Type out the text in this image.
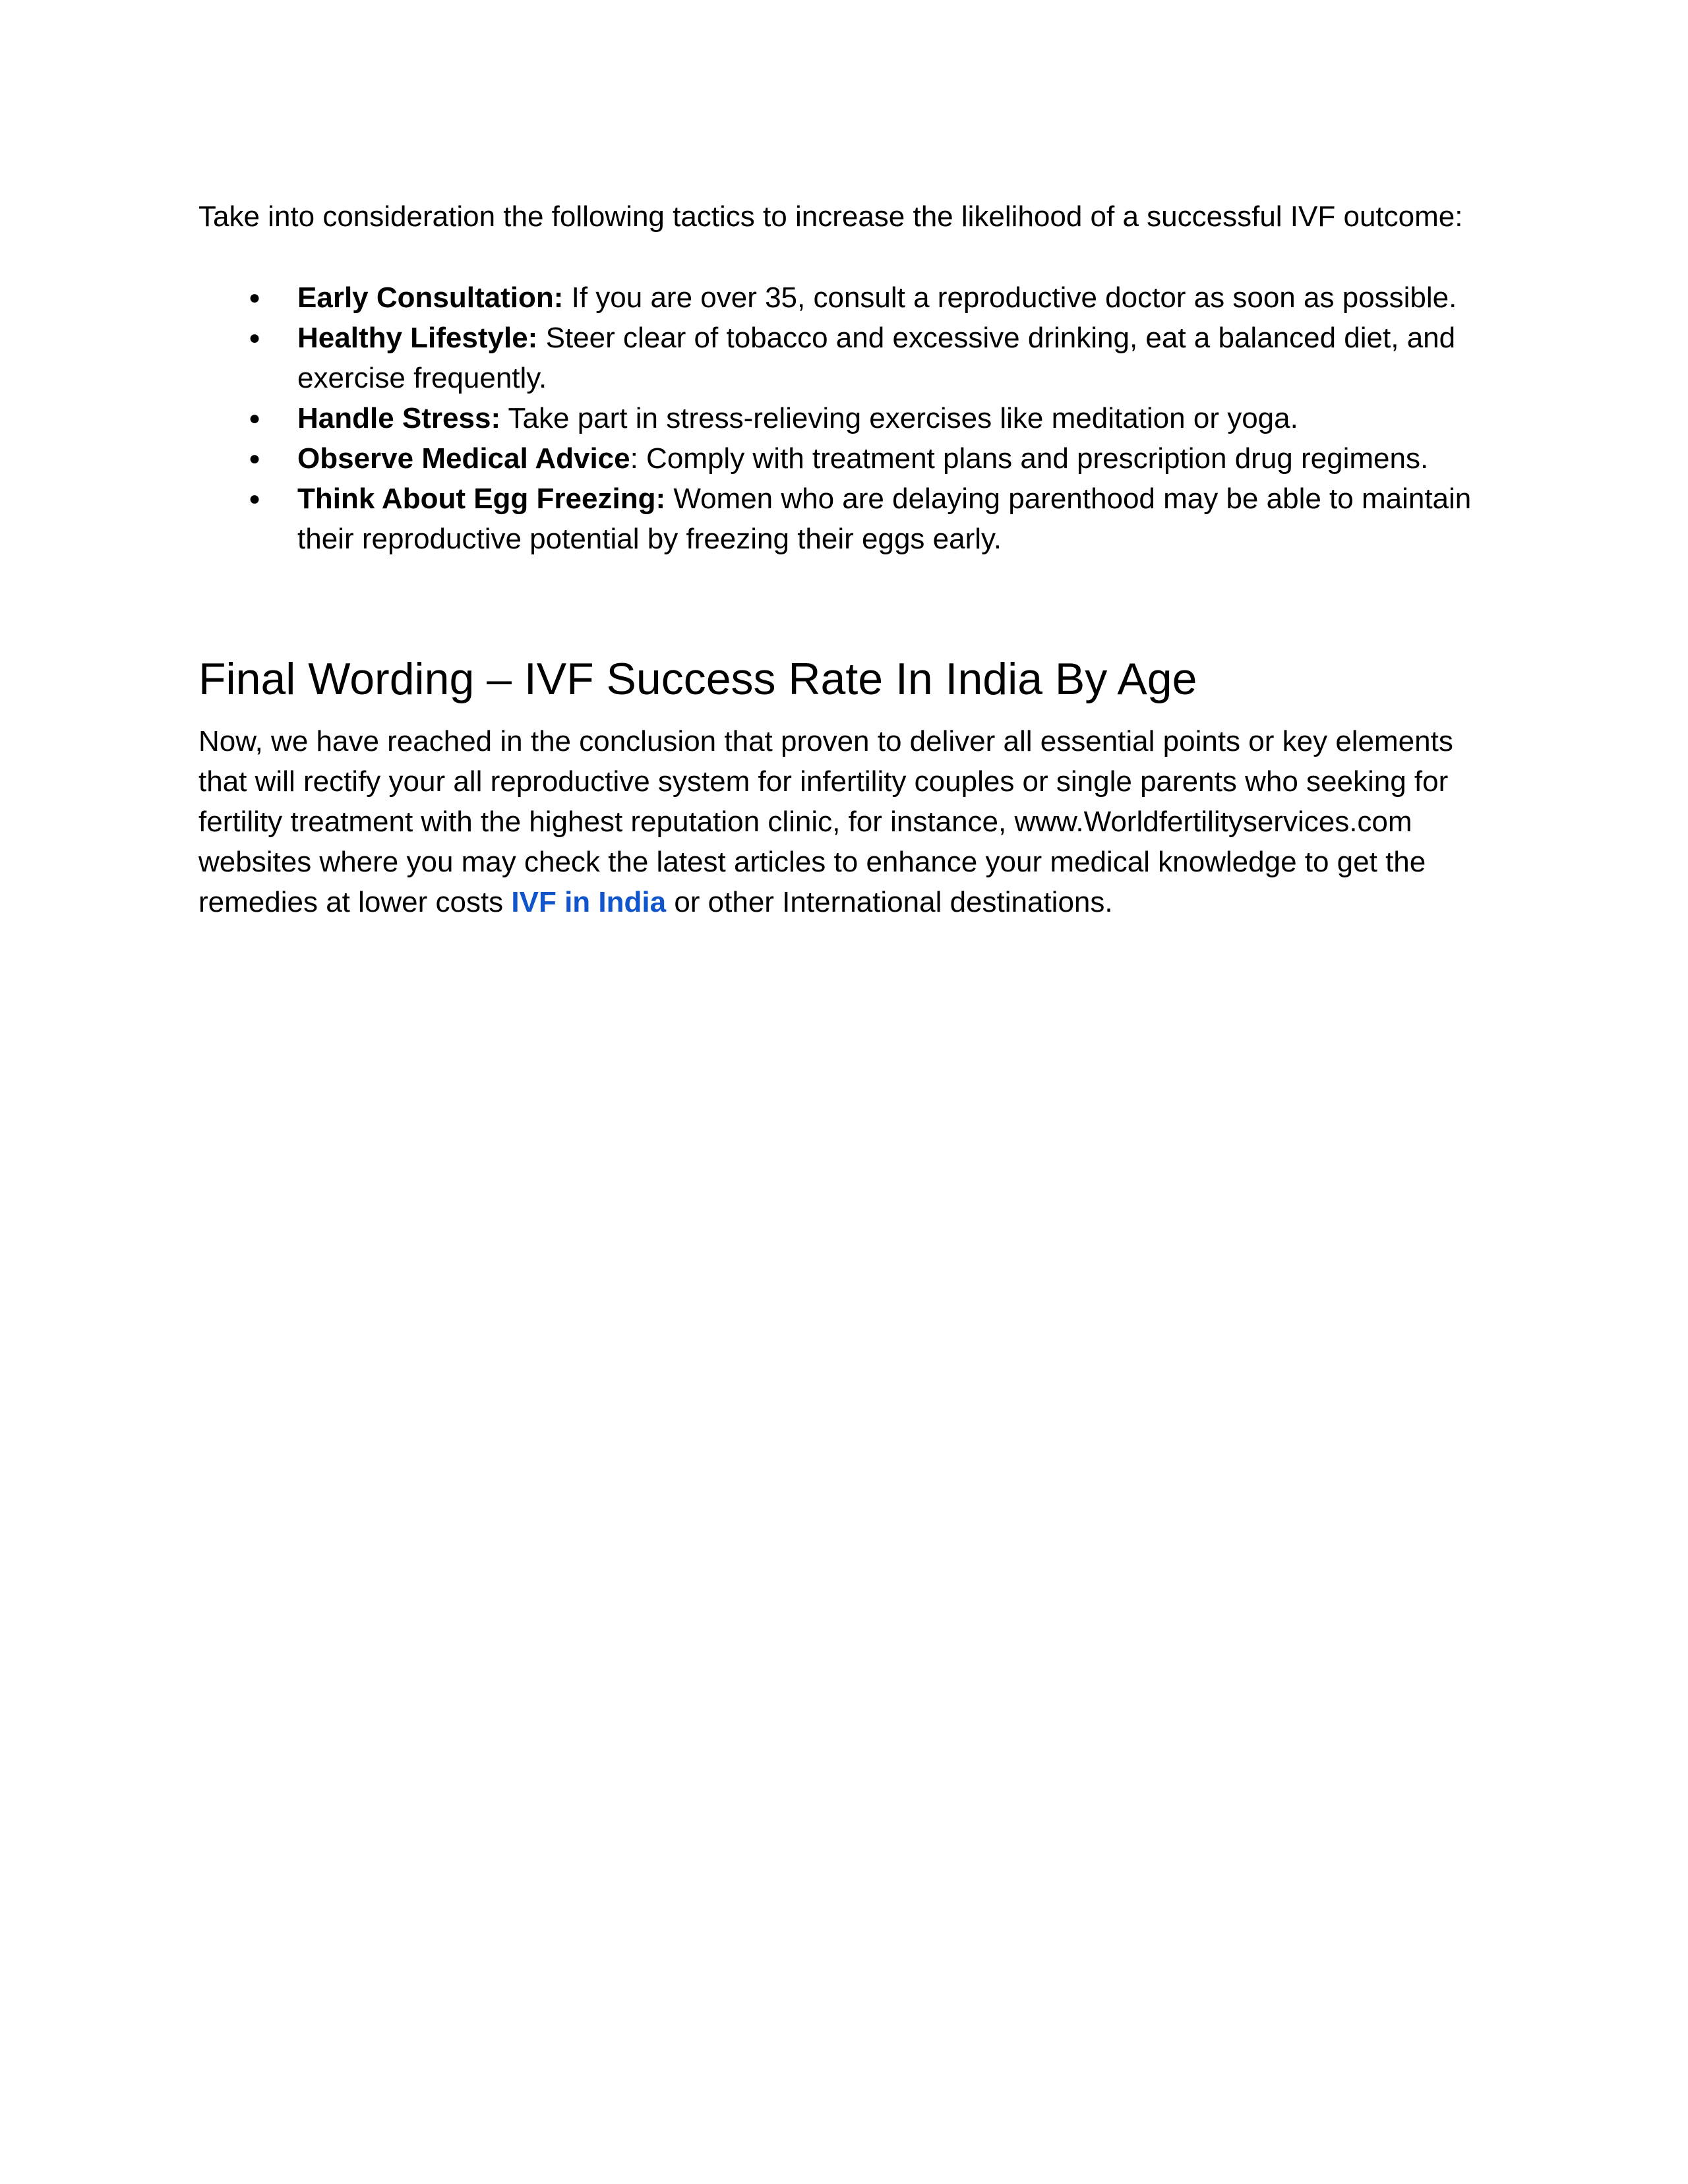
Take into consideration the following tactics to increase the likelihood of a successful IVF outcome:

● Early Consultation: If you are over 35, consult a reproductive doctor as soon as possible.
● Healthy Lifestyle: Steer clear of tobacco and excessive drinking, eat a balanced diet, and exercise frequently.
● Handle Stress: Take part in stress-relieving exercises like meditation or yoga.
● Observe Medical Advice: Comply with treatment plans and prescription drug regimens.
● Think About Egg Freezing: Women who are delaying parenthood may be able to maintain their reproductive potential by freezing their eggs early.
Final Wording – IVF Success Rate In India By Age

Now, we have reached in the conclusion that proven to deliver all essential points or key elements that will rectify your all reproductive system for infertility couples or single parents who seeking for fertility treatment with the highest reputation clinic, for instance, www.Worldfertilityservices.com websites where you may check the latest articles to enhance your medical knowledge to get the remedies at lower costs IVF in India or other International destinations.
